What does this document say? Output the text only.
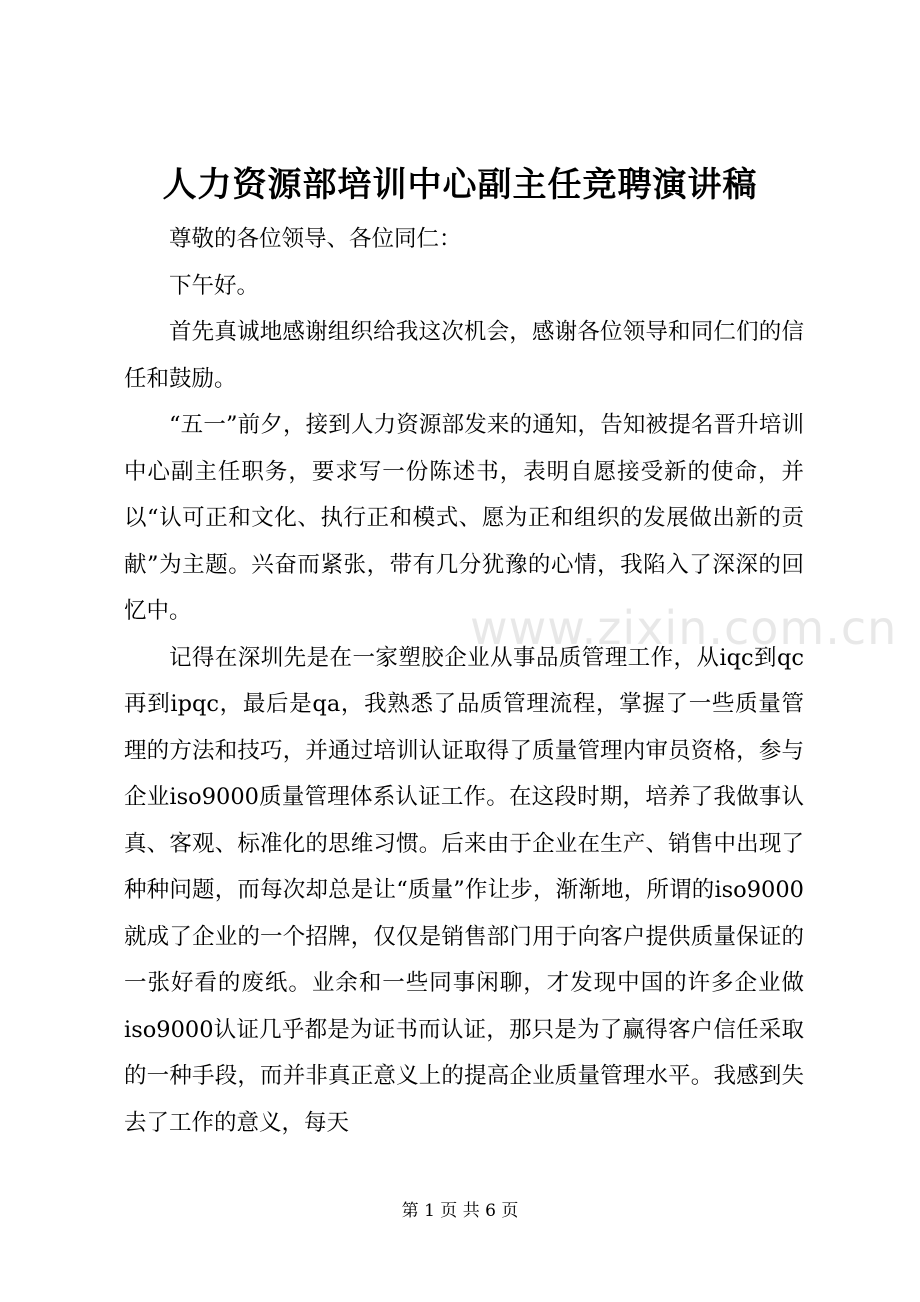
人力资源部培训中心副主任竞聘演讲稿

尊敬的各位领导、各位同仁：

下午好。

首先真诚地感谢组织给我这次机会，感谢各位领导和同仁们的信任和鼓励。

“五一”前夕，接到人力资源部发来的通知，告知被提名晋升培训中心副主任职务，要求写一份陈述书，表明自愿接受新的使命，并以“认可正和文化、执行正和模式、愿为正和组织的发展做出新的贡献”为主题。兴奋而紧张，带有几分犹豫的心情，我陷入了深深的回忆中。

记得在深圳先是在一家塑胶企业从事品质管理工作，从iqc到qc再到ipqc，最后是qa，我熟悉了品质管理流程，掌握了一些质量管理的方法和技巧，并通过培训认证取得了质量管理内审员资格，参与企业iso9000质量管理体系认证工作。在这段时期，培养了我做事认真、客观、标准化的思维习惯。后来由于企业在生产、销售中出现了种种问题，而每次却总是让“质量”作让步，渐渐地，所谓的iso9000就成了企业的一个招牌，仅仅是销售部门用于向客户提供质量保证的一张好看的废纸。业余和一些同事闲聊，才发现中国的许多企业做iso9000认证几乎都是为证书而认证，那只是为了赢得客户信任采取的一种手段，而并非真正意义上的提高企业质量管理水平。我感到失去了工作的意义，每天

www.zixin.com.cn
第 1 页 共 6 页
